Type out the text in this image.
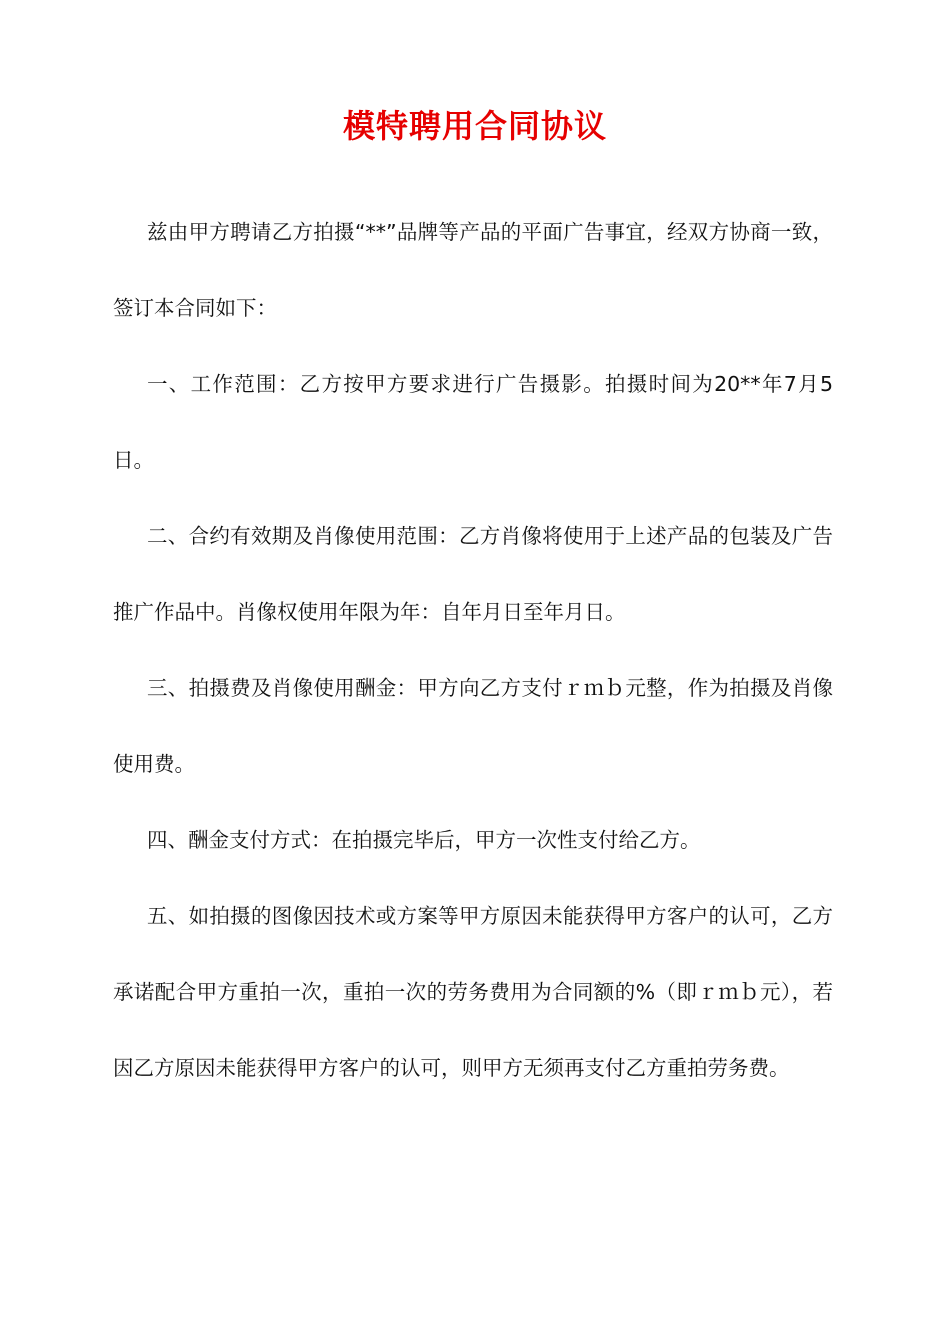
模特聘用合同协议

兹由甲方聘请乙方拍摄“**”品牌等产品的平面广告事宜，经双方协商一致，签订本合同如下：

一、工作范围：乙方按甲方要求进行广告摄影。拍摄时间为20**年7月5日。

二、合约有效期及肖像使用范围：乙方肖像将使用于上述产品的包装及广告推广作品中。肖像权使用年限为年：自年月日至年月日。

三、拍摄费及肖像使用酬金：甲方向乙方支付ｒｍｂ元整，作为拍摄及肖像使用费。

四、酬金支付方式：在拍摄完毕后，甲方一次性支付给乙方。

五、如拍摄的图像因技术或方案等甲方原因未能获得甲方客户的认可，乙方承诺配合甲方重拍一次，重拍一次的劳务费用为合同额的%（即ｒｍｂ元），若因乙方原因未能获得甲方客户的认可，则甲方无须再支付乙方重拍劳务费。
